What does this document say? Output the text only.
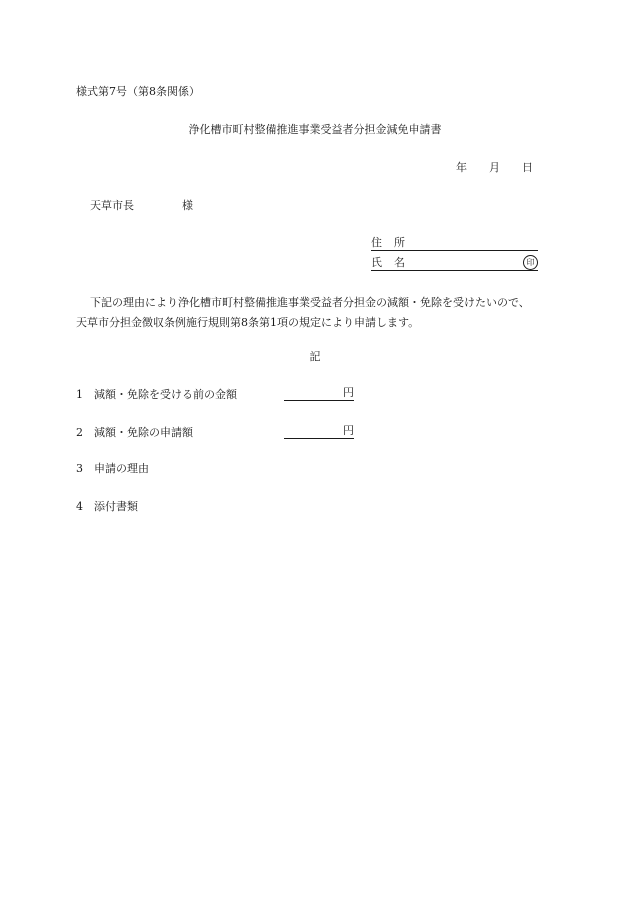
様式第7号（第8条関係）
浄化槽市町村整備推進事業受益者分担金減免申請書
年 月 日
天草市長	様
住 所
氏 名	印

下記の理由により浄化槽市町村整備推進事業受益者分担金の減額・免除を受けたいので、

天草市分担金徴収条例施行規則第8条第1項の規定により申請します。

記
1 減額・免除を受ける前の金額	円
2 減額・免除の申請額	円
3 申請の理由
4 添付書類
